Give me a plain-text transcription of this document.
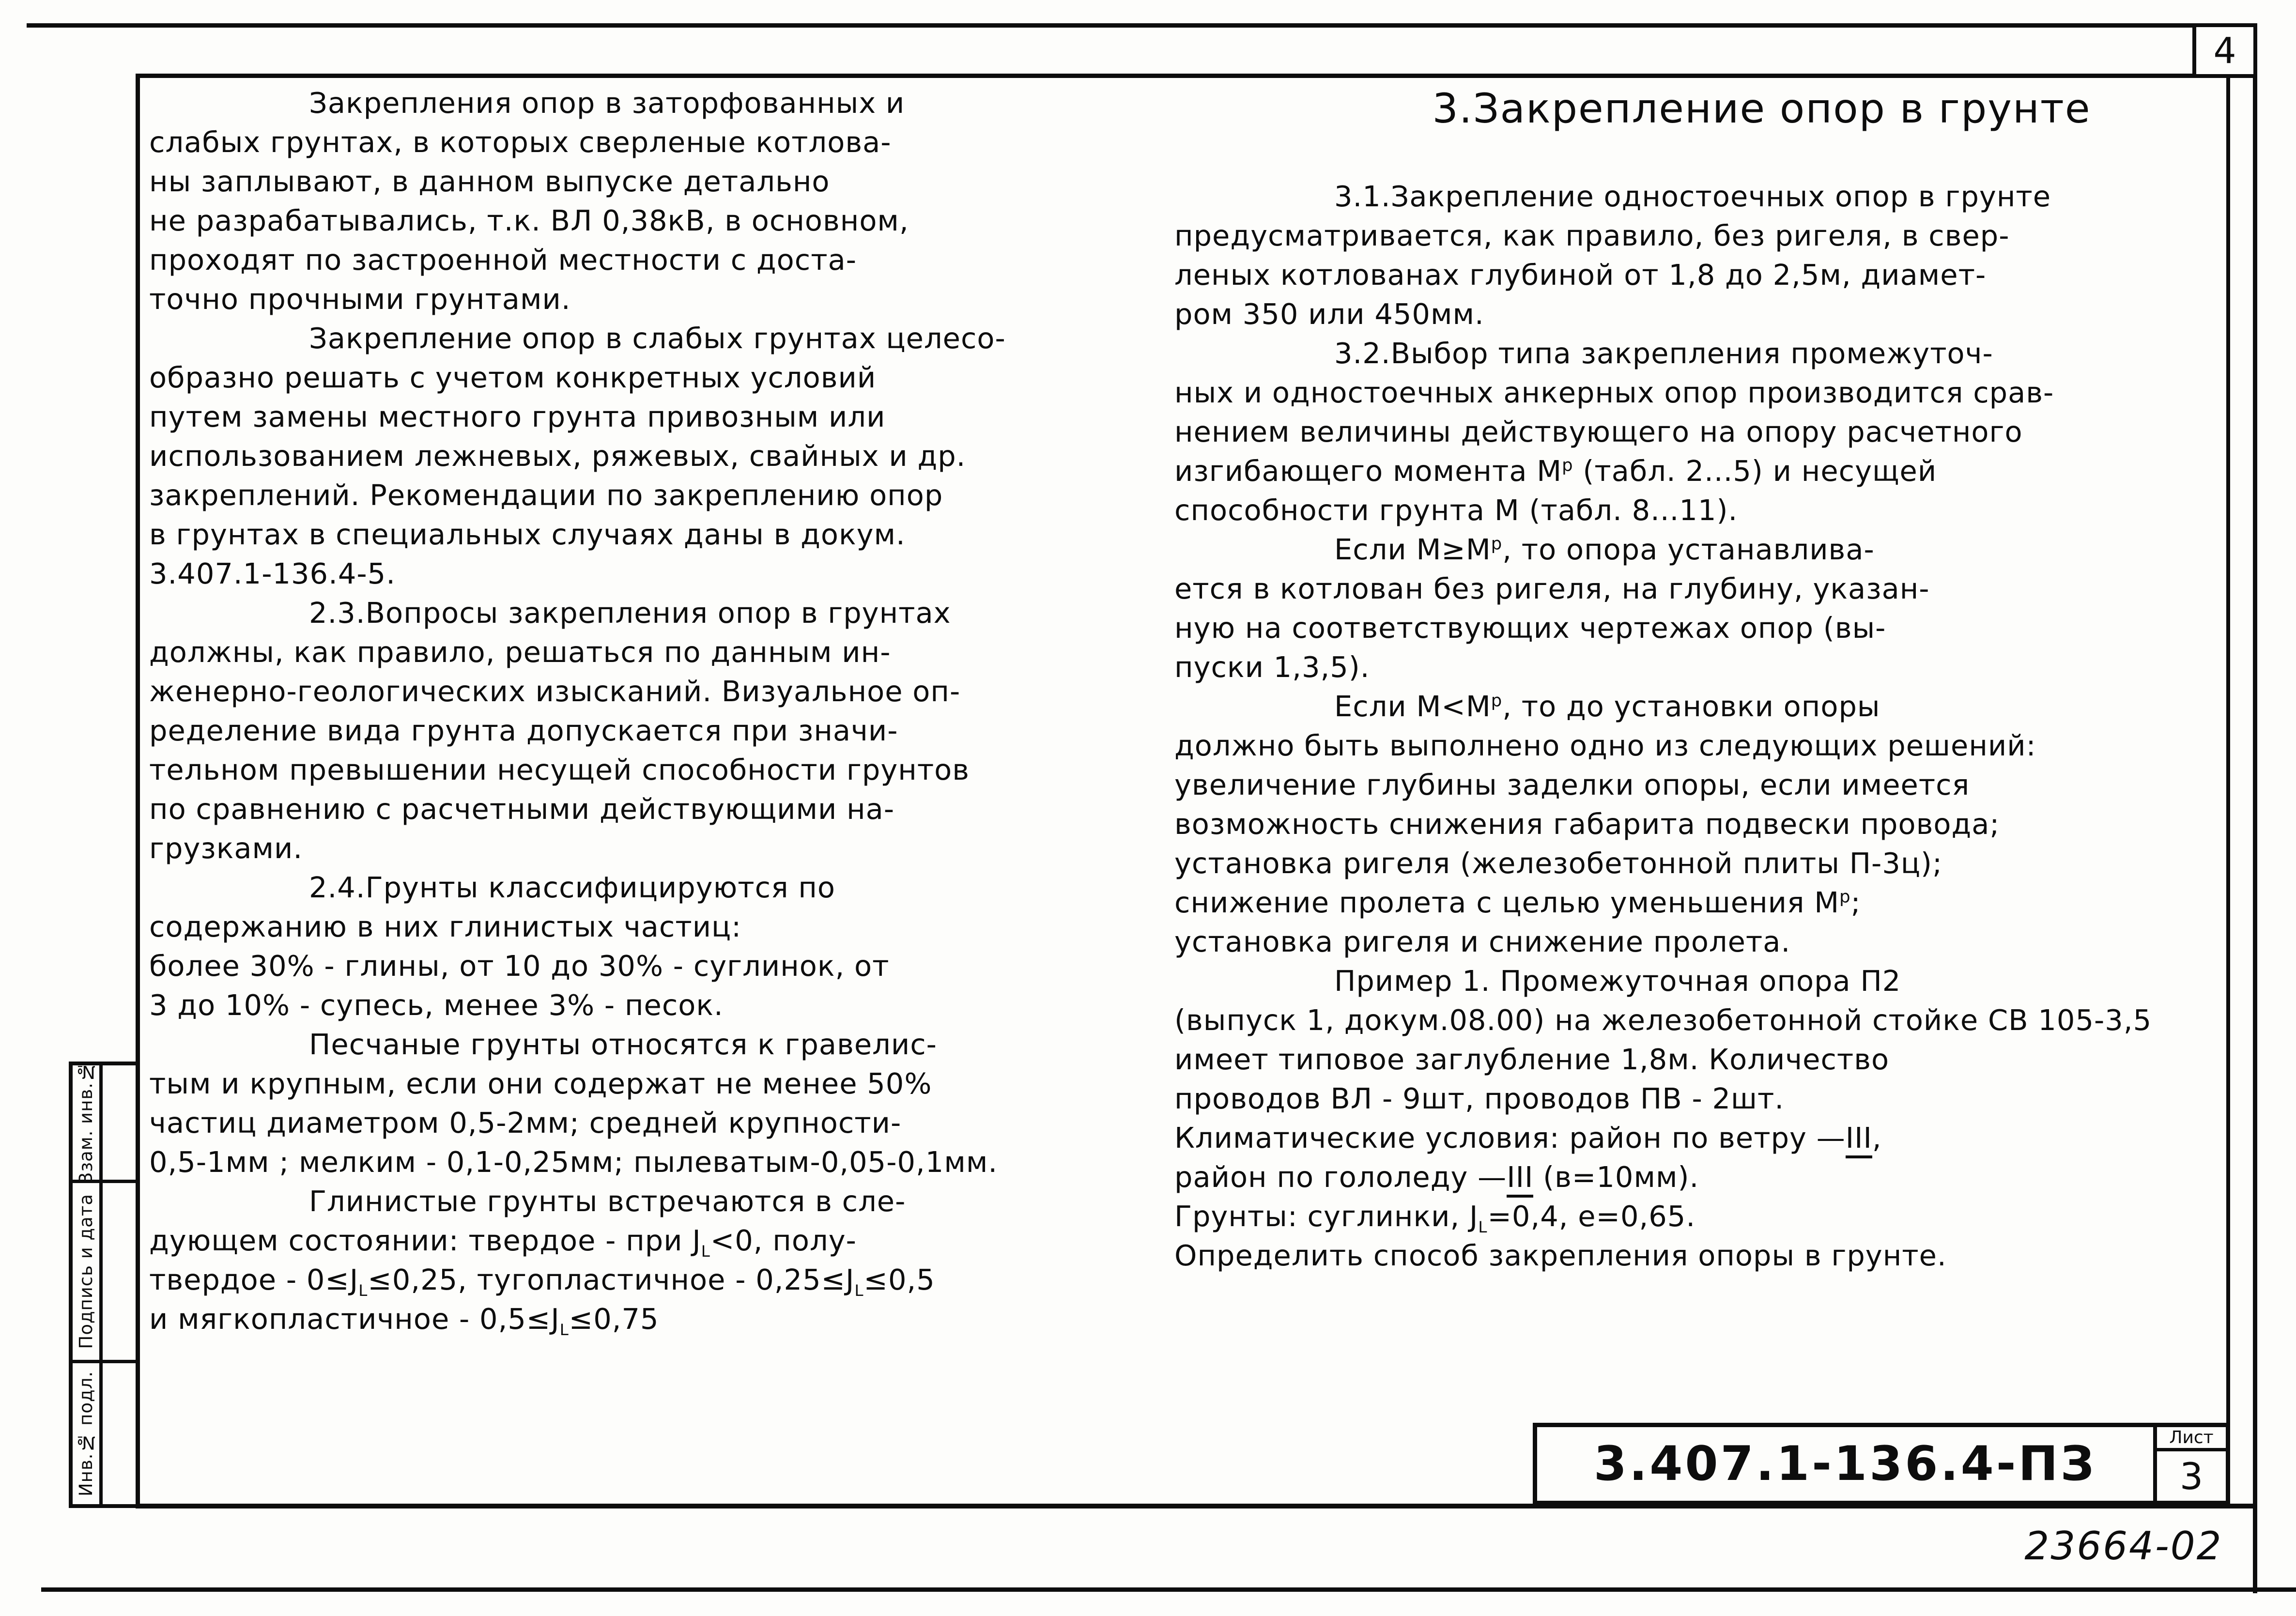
4
Закрепления опор в заторфованных и
слабых грунтах, в которых сверленые котлова-
ны заплывают, в данном выпуске детально
не разрабатывались, т.к. ВЛ 0,38кВ, в основном,
проходят по застроенной местности с доста-
точно прочными грунтами.
Закрепление опор в слабых грунтах целесо-
образно решать с учетом конкретных условий
путем замены местного грунта привозным или
использованием лежневых, ряжевых, свайных и др.
закреплений. Рекомендации по закреплению опор
в грунтах в специальных случаях даны в докум.
3.407.1-136.4-5.
2.3.Вопросы закрепления опор в грунтах
должны, как правило, решаться по данным ин-
женерно-геологических изысканий. Визуальное оп-
ределение вида грунта допускается при значи-
тельном превышении несущей способности грунтов
по сравнению с расчетными действующими на-
грузками.
2.4.Грунты классифицируются по
содержанию в них глинистых частиц:
более 30% - глины, от 10 до 30% - суглинок, от
3 до 10% - супесь, менее 3% - песок.
Песчаные грунты относятся к гравелис-
тым и крупным, если они содержат не менее 50%
частиц диаметром 0,5-2мм; средней крупности-
0,5-1мм ; мелким - 0,1-0,25мм; пылеватым-0,05-0,1мм.
Глинистые грунты встречаются в сле-
дующем состоянии: твердое - при $J_L<0$, полу-
твердое - $0\le J_L\le 0,25$, тугопластичное - $0,25\le J_L\le 0,5$
и мягкопластичное - $0,5\le J_L\le 0,75$
3.Закрепление опор в грунте
3.1.Закрепление одностоечных опор в грунте
предусматривается, как правило, без ригеля, в свер-
леных котлованах глубиной от 1,8 до 2,5м, диамет-
ром 350 или 450мм.
3.2.Выбор типа закрепления промежуточ-
ных и одностоечных анкерных опор производится срав-
нением величины действующего на опору расчетного
изгибающего момента $М^р$ (табл. 2...5) и несущей
способности грунта М (табл. 8...11).
Если $М\ge М^р$, то опора устанавлива-
ется в котлован без ригеля, на глубину, указан-
ную на соответствующих чертежах опор (вы-
пуски 1,3,5).
Если $М<М^р$, то до установки опоры
должно быть выполнено одно из следующих решений:
увеличение глубины заделки опоры, если имеется
возможность снижения габарита подвески провода;
установка ригеля (железобетонной плиты П-3ц);
снижение пролета с целью уменьшения $М^р$;
установка ригеля и снижение пролета.
Пример 1. Промежуточная опора П2
(выпуск 1, докум.08.00) на железобетонной стойке СВ 105-3,5
имеет типовое заглубление 1,8м. Количество
проводов ВЛ - 9шт, проводов ПВ - 2шт.
Климатические условия: район по ветру —III,
район по гололеду —III (в=10мм).
Грунты: суглинки, $J_L=0,4$, е=0,65.
Определить способ закрепления опоры в грунте.
Взам. инв.№
Подпись и дата
Инв.№ подл.	3.407.1-136.4-ПЗ	Лист
3
23664-02
